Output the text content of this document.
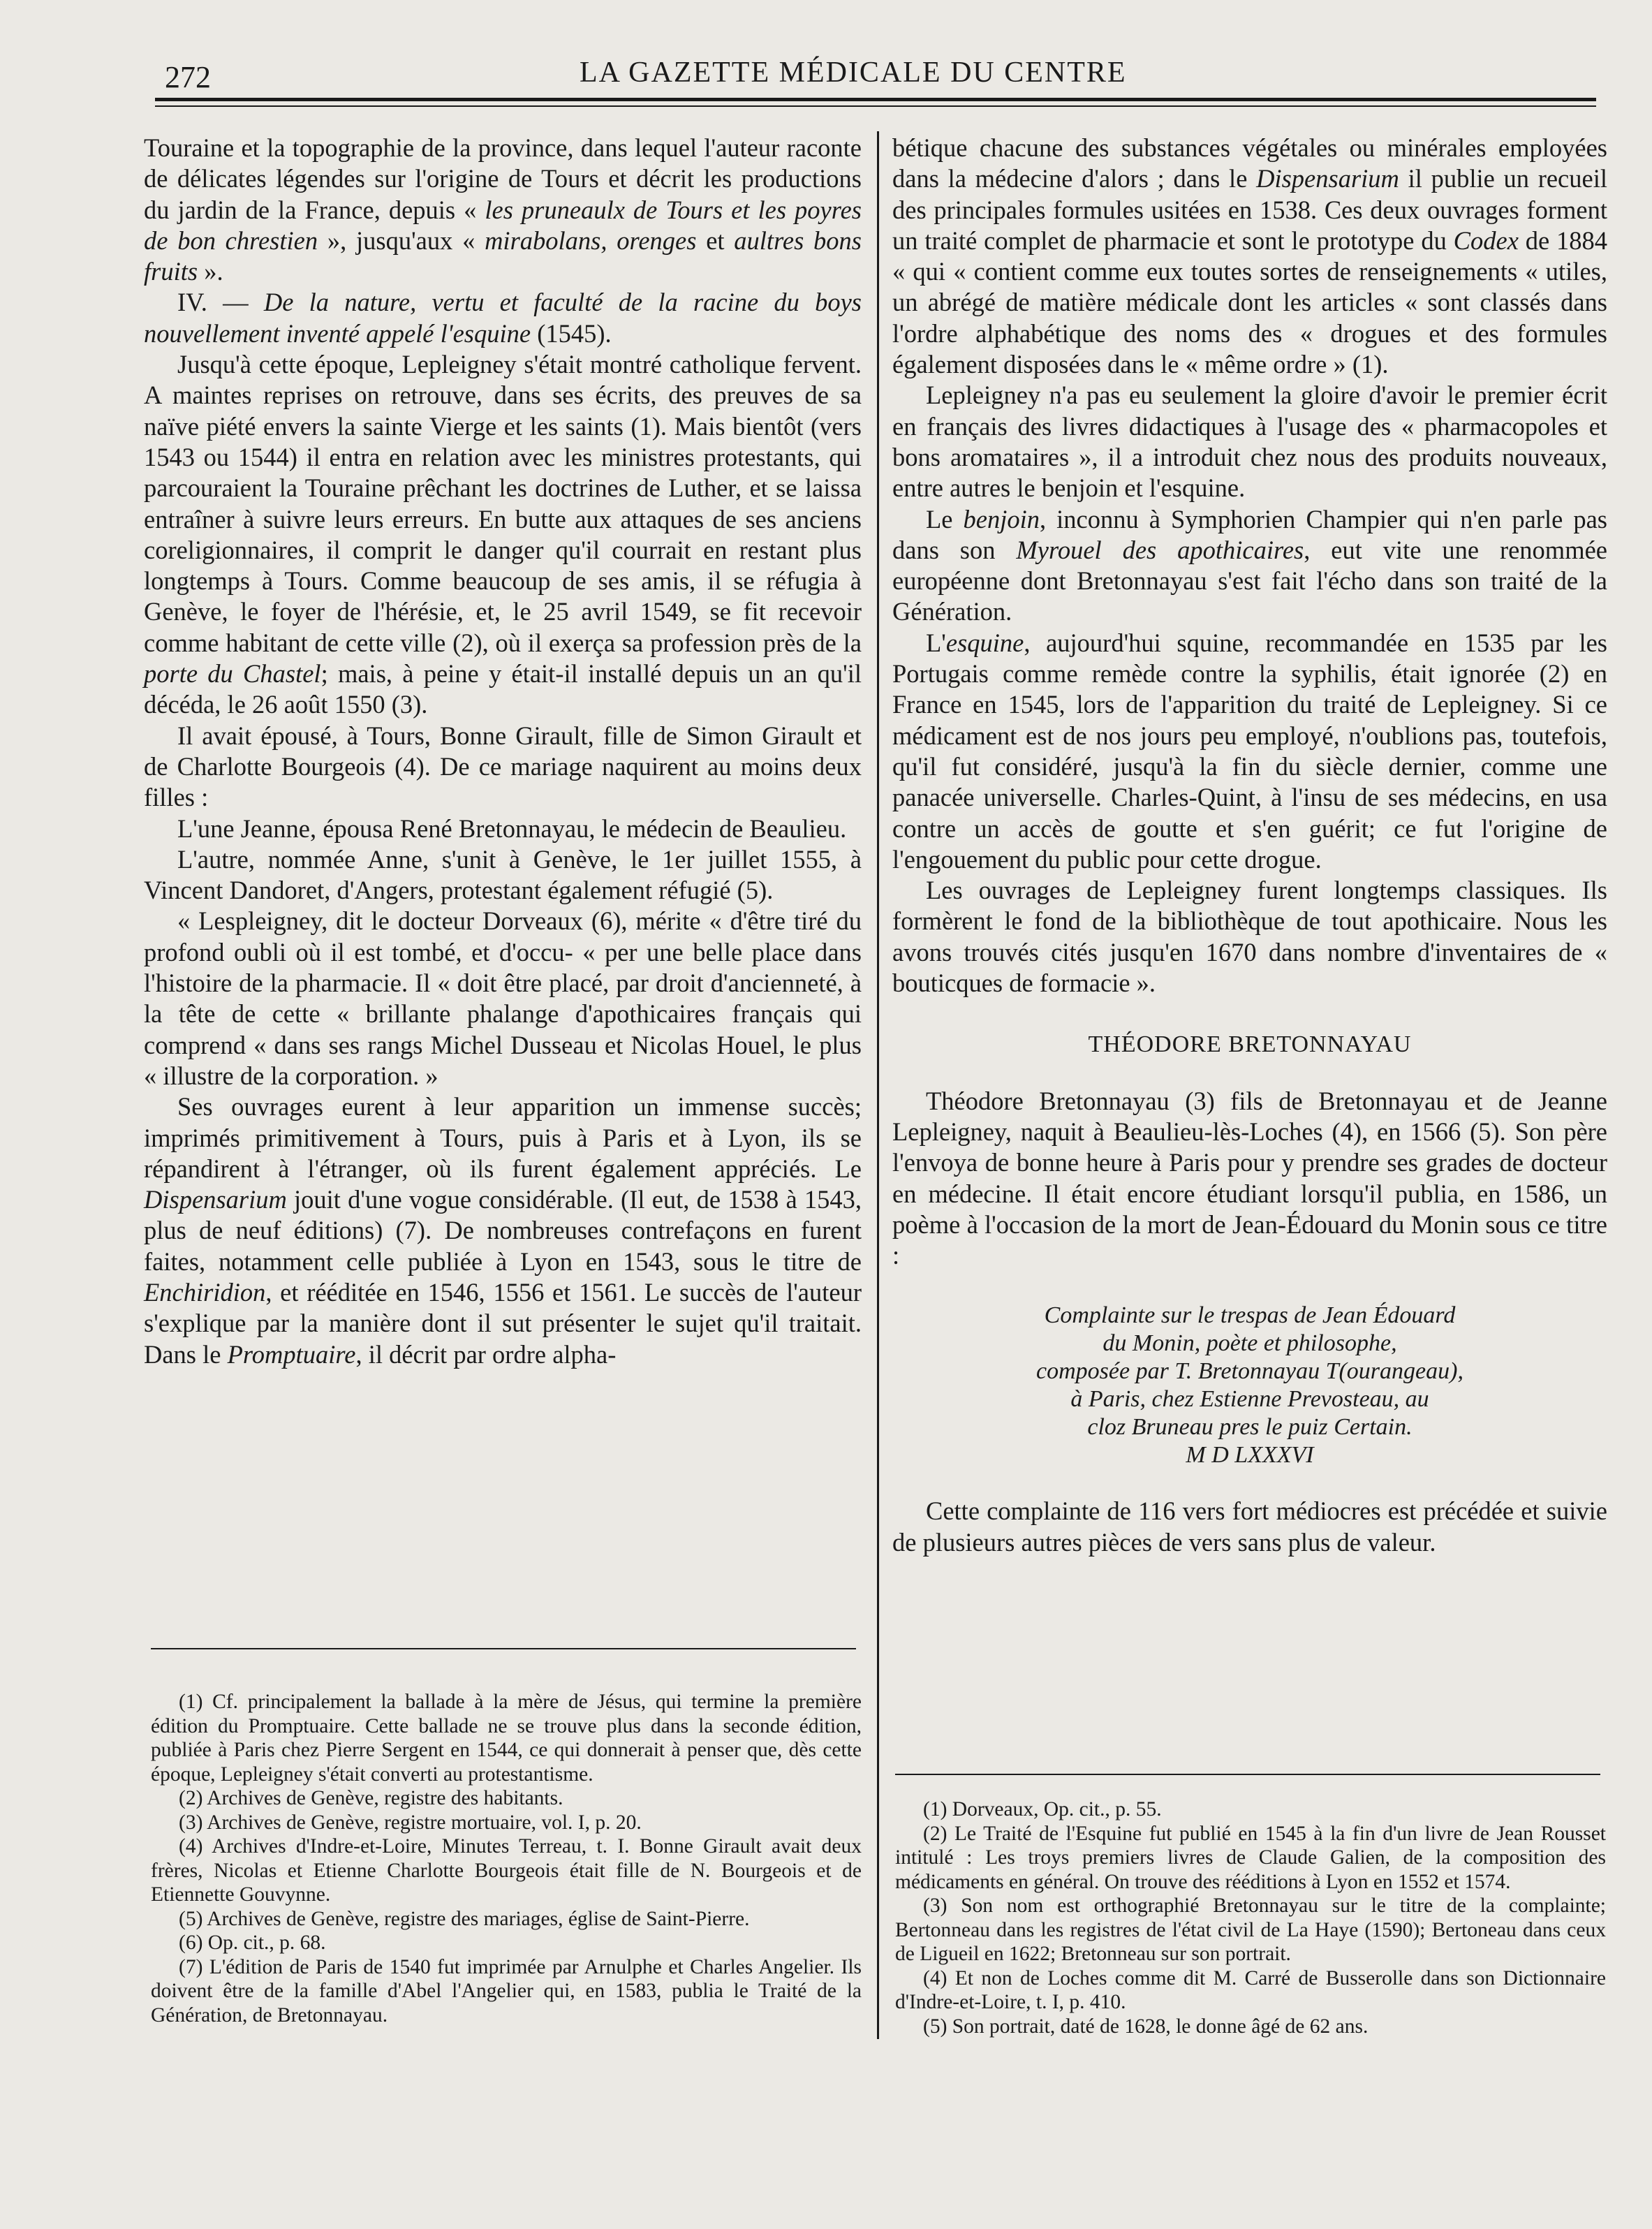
272	LA GAZETTE MÉDICALE DU CENTRE

Touraine et la topographie de la province, dans lequel l'auteur raconte de délicates légendes sur l'origine de Tours et décrit les productions du jardin de la France, depuis « les pruneaulx de Tours et les poyres de bon chrestien », jusqu'aux « mirabolans, orenges et aultres bons fruits ».

IV. — De la nature, vertu et faculté de la racine du boys nouvellement inventé appelé l'esquine (1545).

Jusqu'à cette époque, Lepleigney s'était montré catholique fervent. A maintes reprises on retrouve, dans ses écrits, des preuves de sa naïve piété envers la sainte Vierge et les saints (1). Mais bientôt (vers 1543 ou 1544) il entra en relation avec les ministres protestants, qui parcouraient la Touraine prêchant les doctrines de Luther, et se laissa entraîner à suivre leurs erreurs. En butte aux attaques de ses anciens coreligionnaires, il comprit le danger qu'il courrait en restant plus longtemps à Tours. Comme beaucoup de ses amis, il se réfugia à Genève, le foyer de l'hérésie, et, le 25 avril 1549, se fit recevoir comme habitant de cette ville (2), où il exerça sa profession près de la porte du Chastel; mais, à peine y était-il installé depuis un an qu'il décéda, le 26 août 1550 (3).

Il avait épousé, à Tours, Bonne Girault, fille de Simon Girault et de Charlotte Bourgeois (4). De ce mariage naquirent au moins deux filles :

L'une Jeanne, épousa René Bretonnayau, le médecin de Beaulieu.

L'autre, nommée Anne, s'unit à Genève, le 1er juillet 1555, à Vincent Dandoret, d'Angers, protestant également réfugié (5).

« Lespleigney, dit le docteur Dorveaux (6), mérite « d'être tiré du profond oubli où il est tombé, et d'occu- « per une belle place dans l'histoire de la pharmacie. Il « doit être placé, par droit d'ancienneté, à la tête de cette « brillante phalange d'apothicaires français qui comprend « dans ses rangs Michel Dusseau et Nicolas Houel, le plus « illustre de la corporation. »

Ses ouvrages eurent à leur apparition un immense succès; imprimés primitivement à Tours, puis à Paris et à Lyon, ils se répandirent à l'étranger, où ils furent également appréciés. Le Dispensarium jouit d'une vogue considérable. (Il eut, de 1538 à 1543, plus de neuf éditions) (7). De nombreuses contrefaçons en furent faites, notamment celle publiée à Lyon en 1543, sous le titre de Enchiridion, et rééditée en 1546, 1556 et 1561. Le succès de l'auteur s'explique par la manière dont il sut présenter le sujet qu'il traitait. Dans le Promptuaire, il décrit par ordre alpha-

bétique chacune des substances végétales ou minérales employées dans la médecine d'alors ; dans le Dispensarium il publie un recueil des principales formules usitées en 1538. Ces deux ouvrages forment un traité complet de pharmacie et sont le prototype du Codex de 1884 « qui « contient comme eux toutes sortes de renseignements « utiles, un abrégé de matière médicale dont les articles « sont classés dans l'ordre alphabétique des noms des « drogues et des formules également disposées dans le « même ordre » (1).

Lepleigney n'a pas eu seulement la gloire d'avoir le premier écrit en français des livres didactiques à l'usage des « pharmacopoles et bons aromataires », il a introduit chez nous des produits nouveaux, entre autres le benjoin et l'esquine.

Le benjoin, inconnu à Symphorien Champier qui n'en parle pas dans son Myrouel des apothicaires, eut vite une renommée européenne dont Bretonnayau s'est fait l'écho dans son traité de la Génération.

L'esquine, aujourd'hui squine, recommandée en 1535 par les Portugais comme remède contre la syphilis, était ignorée (2) en France en 1545, lors de l'apparition du traité de Lepleigney. Si ce médicament est de nos jours peu employé, n'oublions pas, toutefois, qu'il fut considéré, jusqu'à la fin du siècle dernier, comme une panacée universelle. Charles-Quint, à l'insu de ses médecins, en usa contre un accès de goutte et s'en guérit; ce fut l'origine de l'engouement du public pour cette drogue.

Les ouvrages de Lepleigney furent longtemps classiques. Ils formèrent le fond de la bibliothèque de tout apothicaire. Nous les avons trouvés cités jusqu'en 1670 dans nombre d'inventaires de « bouticques de formacie ».

THÉODORE BRETONNAYAU

Théodore Bretonnayau (3) fils de Bretonnayau et de Jeanne Lepleigney, naquit à Beaulieu-lès-Loches (4), en 1566 (5). Son père l'envoya de bonne heure à Paris pour y prendre ses grades de docteur en médecine. Il était encore étudiant lorsqu'il publia, en 1586, un poème à l'occasion de la mort de Jean-Édouard du Monin sous ce titre :

Complainte sur le trespas de Jean Édouard
du Monin, poète et philosophe,
composée par T. Bretonnayau T(ourangeau),
à Paris, chez Estienne Prevosteau, au
cloz Bruneau pres le puiz Certain.
M D LXXXVI

Cette complainte de 116 vers fort médiocres est précédée et suivie de plusieurs autres pièces de vers sans plus de valeur.

(1) Cf. principalement la ballade à la mère de Jésus, qui termine la première édition du Promptuaire. Cette ballade ne se trouve plus dans la seconde édition, publiée à Paris chez Pierre Sergent en 1544, ce qui donnerait à penser que, dès cette époque, Lepleigney s'était converti au protestantisme.
(2) Archives de Genève, registre des habitants.
(3) Archives de Genève, registre mortuaire, vol. I, p. 20.
(4) Archives d'Indre-et-Loire, Minutes Terreau, t. I. Bonne Girault avait deux frères, Nicolas et Etienne Charlotte Bourgeois était fille de N. Bourgeois et de Etiennette Gouvynne.
(5) Archives de Genève, registre des mariages, église de Saint-Pierre.
(6) Op. cit., p. 68.
(7) L'édition de Paris de 1540 fut imprimée par Arnulphe et Charles Angelier. Ils doivent être de la famille d'Abel l'Angelier qui, en 1583, publia le Traité de la Génération, de Bretonnayau.
(1) Dorveaux, Op. cit., p. 55.
(2) Le Traité de l'Esquine fut publié en 1545 à la fin d'un livre de Jean Rousset intitulé : Les troys premiers livres de Claude Galien, de la composition des médicaments en général. On trouve des rééditions à Lyon en 1552 et 1574.
(3) Son nom est orthographié Bretonnayau sur le titre de la complainte; Bertonneau dans les registres de l'état civil de La Haye (1590); Bertoneau dans ceux de Ligueil en 1622; Bretonneau sur son portrait.
(4) Et non de Loches comme dit M. Carré de Busserolle dans son Dictionnaire d'Indre-et-Loire, t. I, p. 410.
(5) Son portrait, daté de 1628, le donne âgé de 62 ans.
